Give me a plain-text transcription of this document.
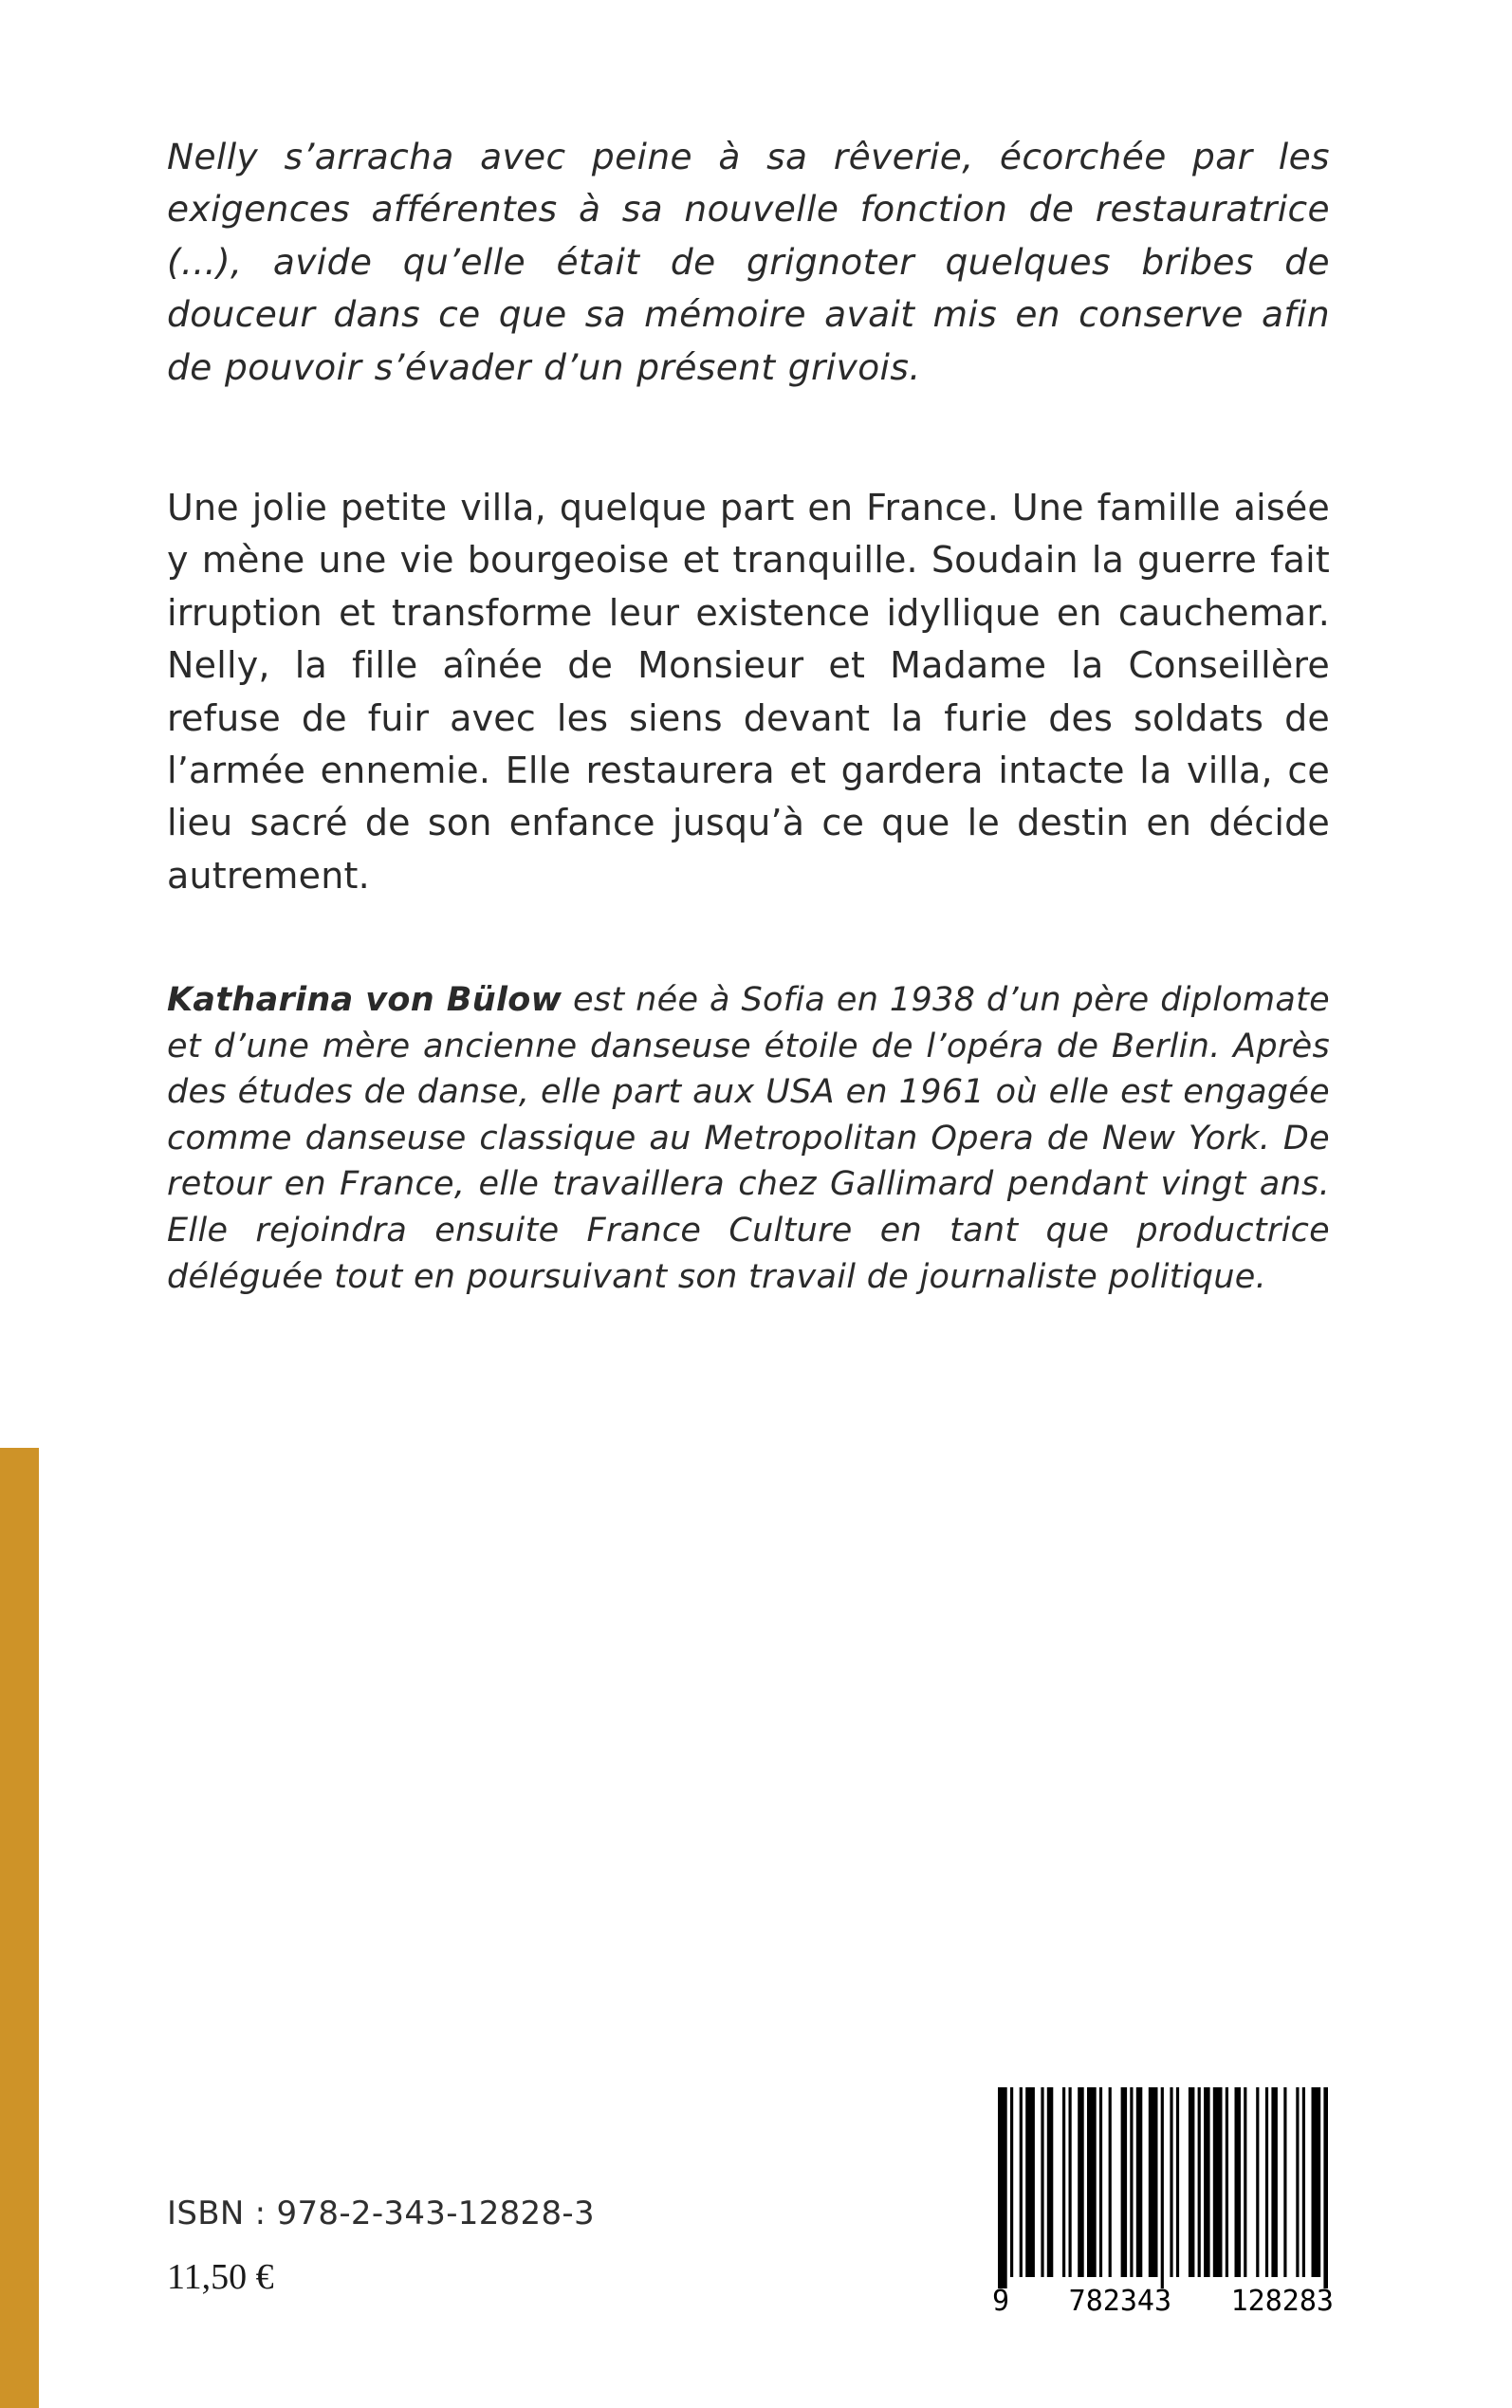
Nelly s’arracha avec peine à sa rêverie, écorchée par les exigences afférentes à sa nouvelle fonction de restauratrice (...), avide qu’elle était de grignoter quelques bribes de douceur dans ce que sa mémoire avait mis en conserve afin de pouvoir s’évader d’un présent grivois.

Une jolie petite villa, quelque part en France. Une famille aisée y mène une vie bourgeoise et tranquille. Soudain la guerre fait irruption et transforme leur existence idyllique en cauchemar. Nelly, la fille aînée de Monsieur et Madame la Conseillère refuse de fuir avec les siens devant la furie des soldats de l’armée ennemie. Elle restaurera et gardera intacte la villa, ce lieu sacré de son enfance jusqu’à ce que le destin en décide autrement.

Katharina von Bülow est née à Sofia en 1938 d’un père diplomate et d’une mère ancienne danseuse étoile de l’opéra de Berlin. Après des études de danse, elle part aux USA en 1961 où elle est engagée comme danseuse classique au Metropolitan Opera de New York. De retour en France, elle travaillera chez Gallimard pendant vingt ans. Elle rejoindra ensuite France Culture en tant que productrice déléguée tout en poursuivant son travail de journaliste politique.

ISBN : 978-2-343-12828-3
11,50 €
9 782343 128283
